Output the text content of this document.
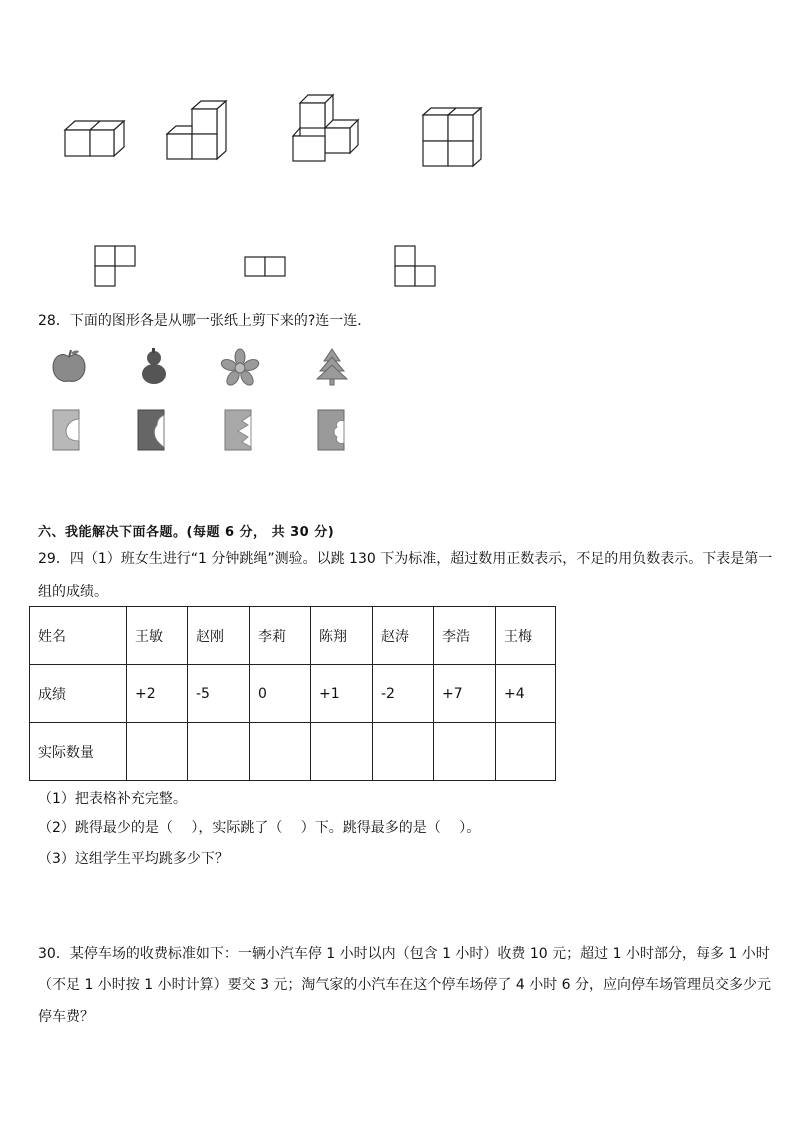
28．下面的图形各是从哪一张纸上剪下来的?连一连．
六、我能解决下面各题。(每题 6 分， 共 30 分)
29．四（1）班女生进行“1 分钟跳绳”测验。以跳 130 下为标准，超过数用正数表示，不足的用负数表示。下表是第一
组的成绩。
姓名	王敏	赵刚	李莉	陈翔	赵涛	李浩	王梅
成绩	+2	-5	0	+1	-2	+7	+4
实际数量							
（1）把表格补充完整。
（2）跳得最少的是（　 ），实际跳了（　 ）下。跳得最多的是（　 ）。
（3）这组学生平均跳多少下？
30．某停车场的收费标准如下：一辆小汽车停 1 小时以内（包含 1 小时）收费 10 元；超过 1 小时部分，每多 1 小时
（不足 1 小时按 1 小时计算）要交 3 元；淘气家的小汽车在这个停车场停了 4 小时 6 分，应向停车场管理员交多少元
停车费？
